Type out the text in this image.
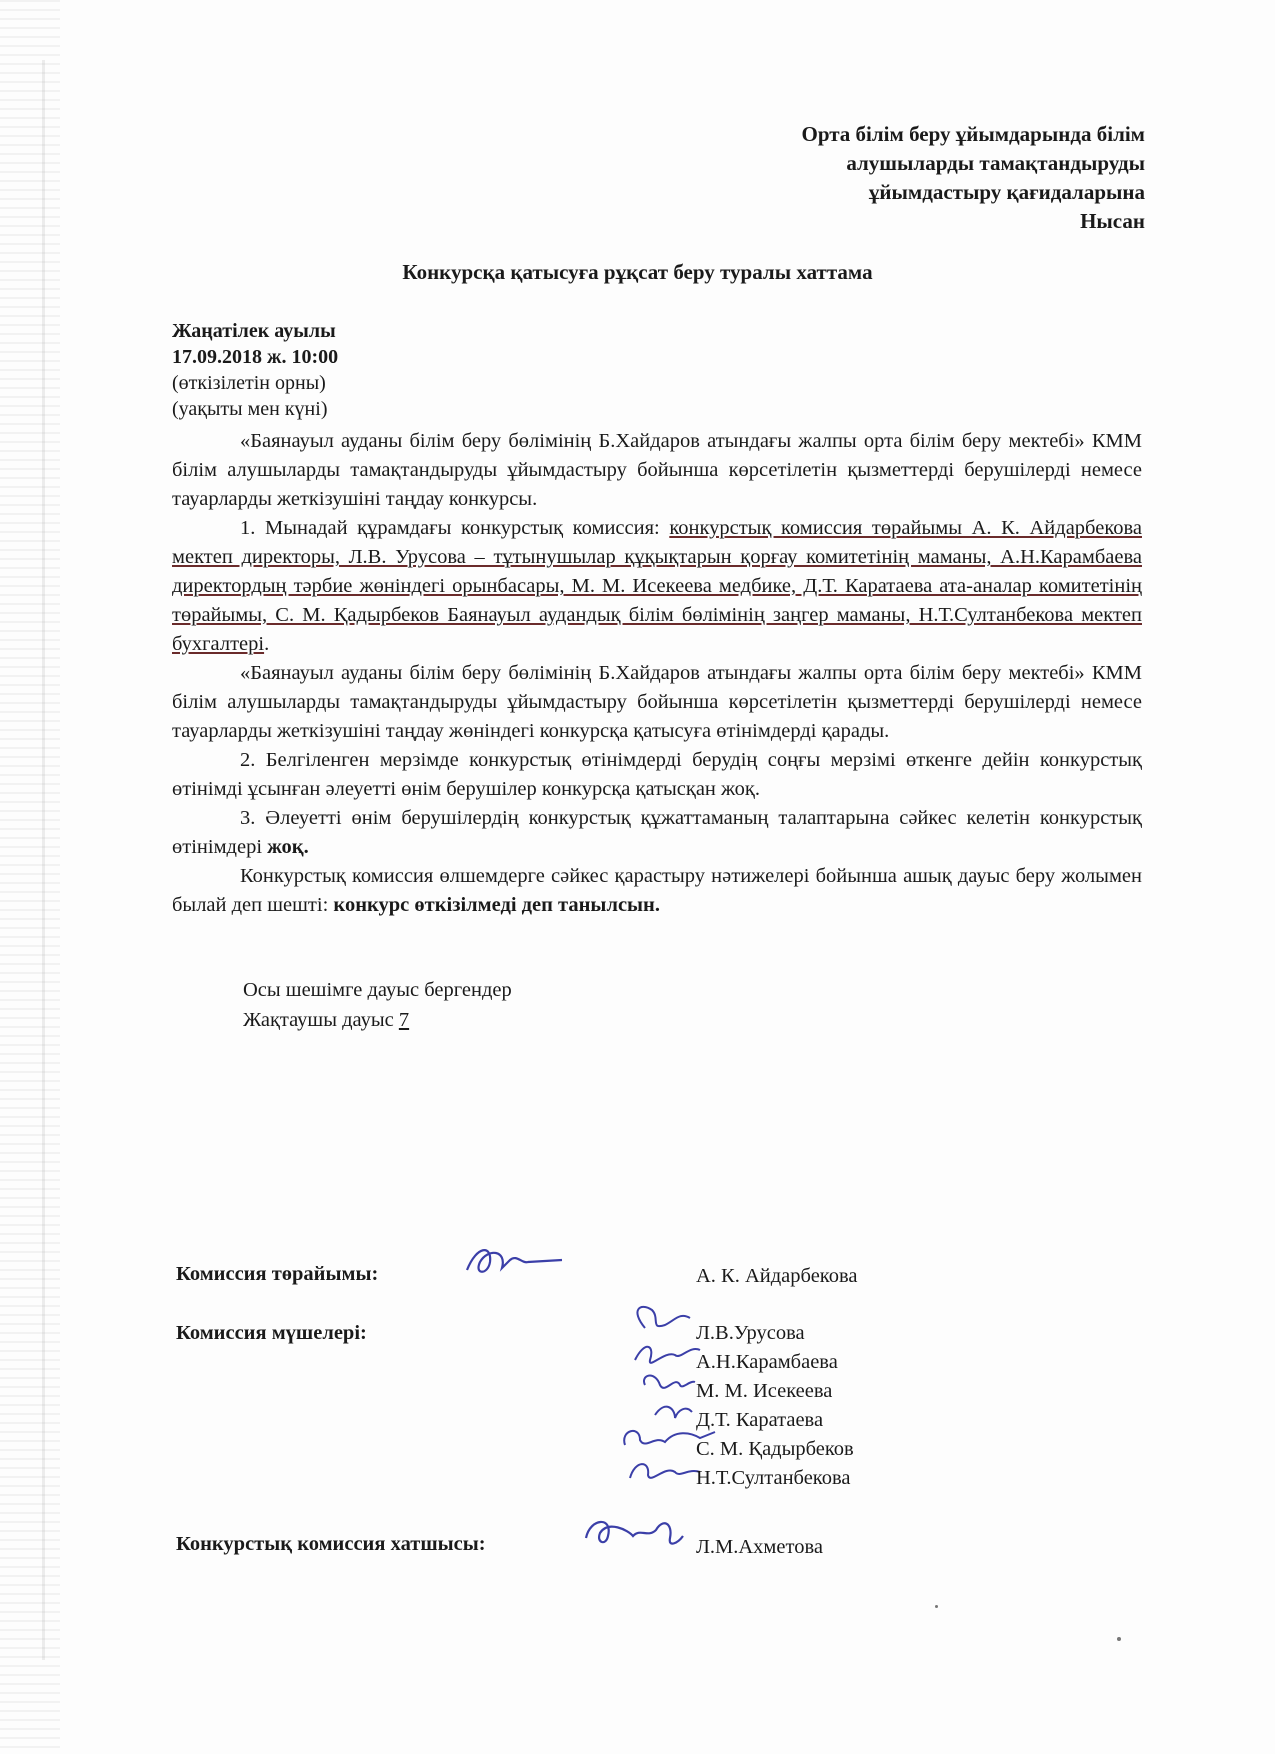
Орта білім беру ұйымдарында білім
алушыларды тамақтандыруды
ұйымдастыру қағидаларына
Нысан
Конкурсқа қатысуға рұқсат беру туралы хаттама
Жаңатілек ауылы
17.09.2018 ж. 10:00
(өткізілетін орны)
(уақыты мен күні)

«Баянауыл ауданы білім беру бөлімінің Б.Хайдаров атындағы жалпы орта білім беру мектебі» КММ білім алушыларды тамақтандыруды ұйымдастыру бойынша көрсетілетін қызметтерді берушілерді немесе тауарларды жеткізушіні таңдау конкурсы.

1. Мынадай құрамдағы конкурстық комиссия: конкурстық комиссия төрайымы А. К. Айдарбекова мектеп директоры, Л.В. Урусова – тұтынушылар құқықтарын қорғау комитетінің маманы, А.Н.Карамбаева директордың тәрбие жөніндегі орынбасары, М. М. Исекеева медбике, Д.Т. Каратаева ата-аналар комитетінің төрайымы, С. М. Қадырбеков Баянауыл аудандық білім бөлімінің заңгер маманы, Н.Т.Султанбекова мектеп бухгалтері.

«Баянауыл ауданы білім беру бөлімінің Б.Хайдаров атындағы жалпы орта білім беру мектебі» КММ білім алушыларды тамақтандыруды ұйымдастыру бойынша көрсетілетін қызметтерді берушілерді немесе тауарларды жеткізушіні таңдау жөніндегі конкурсқа қатысуға өтінімдерді қарады.

2. Белгіленген мерзімде конкурстық өтінімдерді берудің соңғы мерзімі өткенге дейін конкурстық өтінімді ұсынған әлеуетті өнім берушілер конкурсқа қатысқан жоқ.

3. Әлеуетті өнім берушілердің конкурстық құжаттаманың талаптарына сәйкес келетін конкурстық өтінімдері жоқ.

Конкурстық комиссия өлшемдерге сәйкес қарастыру нәтижелері бойынша ашық дауыс беру жолымен былай деп шешті: конкурс өткізілмеді деп танылсын.

Осы шешімге дауыс бергендер
Жақтаушы дауыс 7
Комиссия төрайымы:	А. К. Айдарбекова
Комиссия мүшелері:	Л.В.Урусова
А.Н.Карамбаева
М. М. Исекеева
Д.Т. Каратаева
С. М. Қадырбеков
Н.Т.Султанбекова
Конкурстық комиссия хатшысы:	Л.М.Ахметова
